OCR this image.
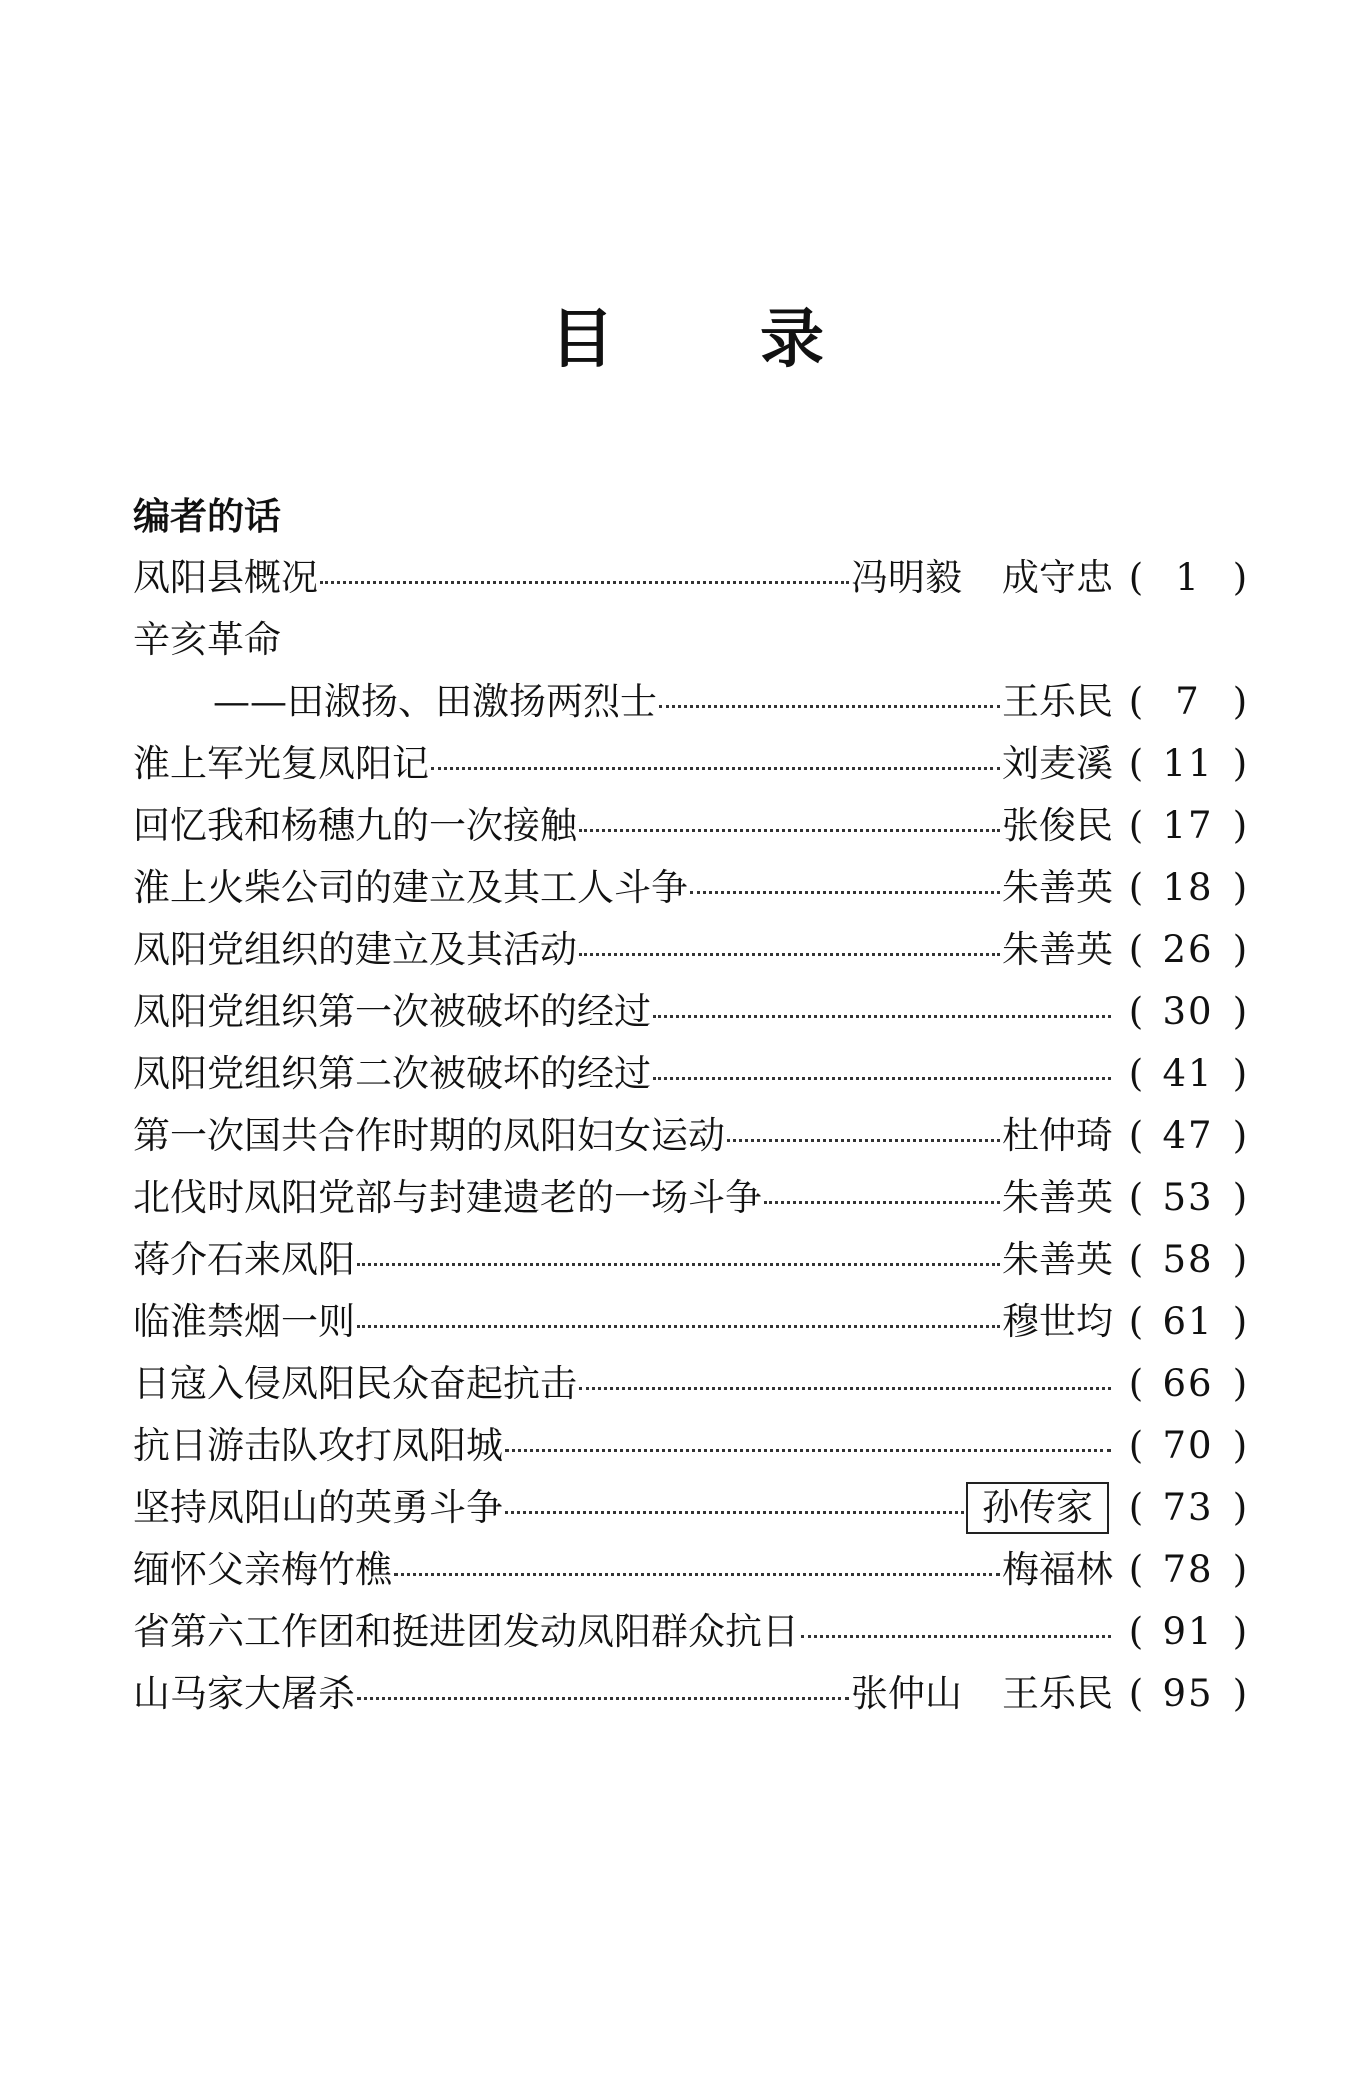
目 录
编者的话
凤阳县概况	冯明毅 成守忠 ( 1 )
辛亥革命
——田淑扬、田激扬两烈士	王乐民 ( 7 )
淮上军光复凤阳记	刘麦溪 ( 11 )
回忆我和杨穗九的一次接触	张俊民 ( 17 )
淮上火柴公司的建立及其工人斗争	朱善英 ( 18 )
凤阳党组织的建立及其活动	朱善英 ( 26 )
凤阳党组织第一次被破坏的经过	( 30 )
凤阳党组织第二次被破坏的经过	( 41 )
第一次国共合作时期的凤阳妇女运动	杜仲琦 ( 47 )
北伐时凤阳党部与封建遗老的一场斗争	朱善英 ( 53 )
蒋介石来凤阳	朱善英 ( 58 )
临淮禁烟一则	穆世均 ( 61 )
日寇入侵凤阳民众奋起抗击	( 66 )
抗日游击队攻打凤阳城	( 70 )
坚持凤阳山的英勇斗争	孙传家 ( 73 )
缅怀父亲梅竹樵	梅福林 ( 78 )
省第六工作团和挺进团发动凤阳群众抗日	( 91 )
山马家大屠杀	张仲山 王乐民 ( 95 )
